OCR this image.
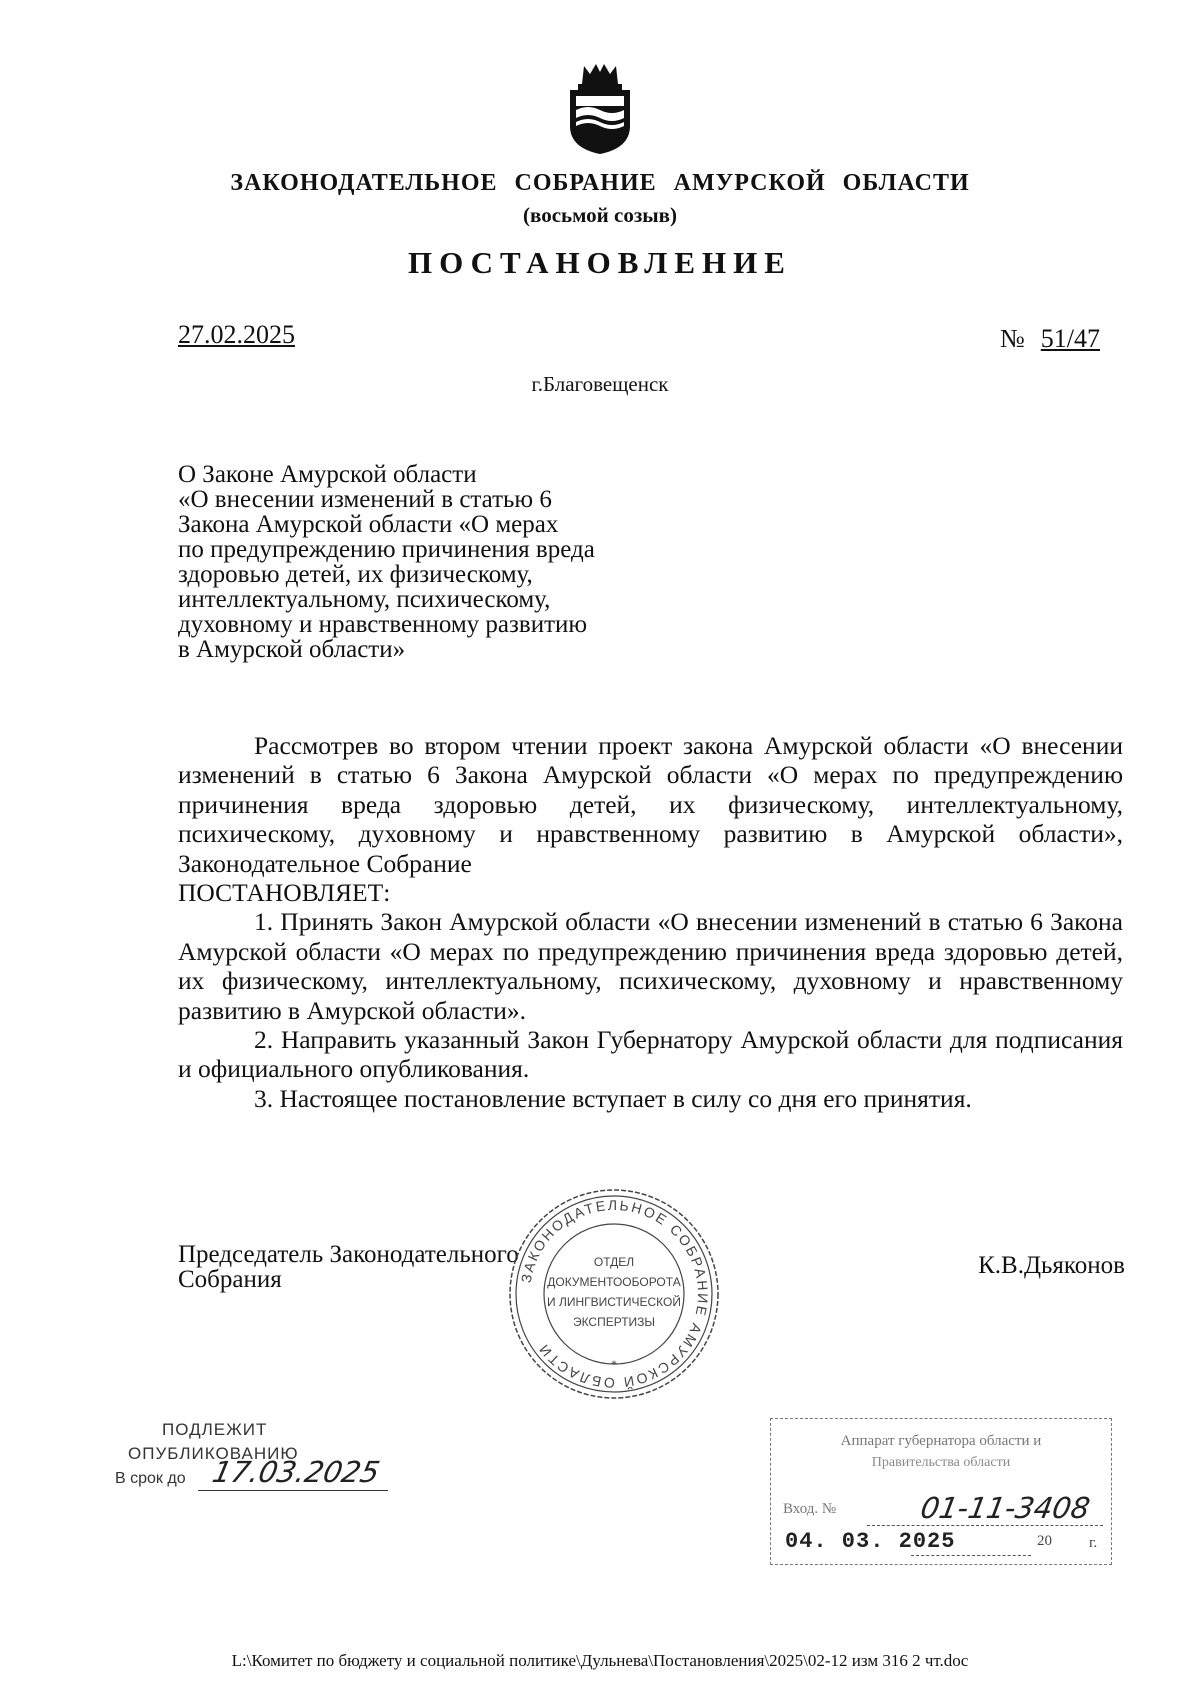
ЗАКОНОДАТЕЛЬНОЕ СОБРАНИЕ АМУРСКОЙ ОБЛАСТИ
(восьмой созыв)
ПОСТАНОВЛЕНИЕ
27.02.2025	№ 51/47
г.Благовещенск
О Законе Амурской области
«О внесении изменений в статью 6
Закона Амурской области «О мерах
по предупреждению причинения вреда
здоровью детей, их физическому,
интеллектуальному, психическому,
духовному и нравственному развитию
в Амурской области»

Рассмотрев во втором чтении проект закона Амурской области «О внесении изменений в статью 6 Закона Амурской области «О мерах по предупреждению причинения вреда здоровью детей, их физическому, интеллектуальному, психическому, духовному и нравственному развитию в Амурской области», Законодательное Собрание

ПОСТАНОВЛЯЕТ:

1. Принять Закон Амурской области «О внесении изменений в статью 6 Закона Амурской области «О мерах по предупреждению причинения вреда здоровью детей, их физическому, интеллектуальному, психическому, духовному и нравственному развитию в Амурской области».

2. Направить указанный Закон Губернатору Амурской области для подписания и официального опубликования.

3. Настоящее постановление вступает в силу со дня его принятия.

Председатель Законодательного
Собрания
К.В.Дьяконов
ЗАКОНОДАТЕЛЬНОЕ СОБРАНИЕ АМУРСКОЙ ОБЛАСТИ
ОТДЕЛ
ДОКУМЕНТООБОРОТА
И ЛИНГВИСТИЧЕСКОЙ
ЭКСПЕРТИЗЫ
*
ПОДЛЕЖИТ
ОПУБЛИКОВАНИЮ
В срок до 17.03.2025
Аппарат губернатора области и
Правительства области
Вход. №	01-11-3408
04. 03. 2025	20 г.
L:\Комитет по бюджету и социальной политике\Дульнева\Постановления\2025\02-12 изм 316 2 чт.doc
